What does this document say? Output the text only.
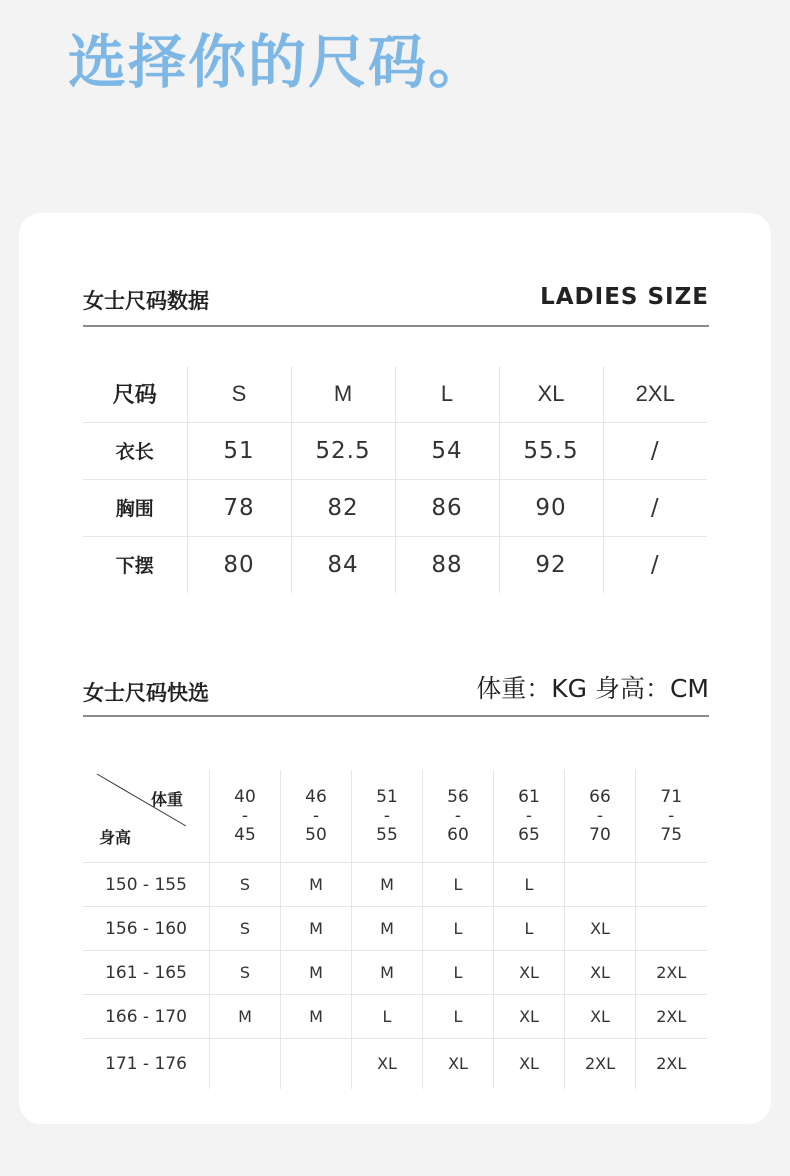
选择你的尺码。
女士尺码数据	LADIES SIZE
尺码	S	M	L	XL	2XL
衣长	51	52.5	54	55.5	/
胸围	78	82	86	90	/
下摆	80	84	88	92	/
女士尺码快选	体重：KG 身高：CM
体重
身高	40
-
45	46
-
50	51
-
55	56
-
60	61
-
65	66
-
70	71
-
75

150 - 155	S	M	M	L	L		
156 - 160	S	M	M	L	L	XL	
161 - 165	S	M	M	L	XL	XL	2XL
166 - 170	M	M	L	L	XL	XL	2XL
171 - 176			XL	XL	XL	2XL	2XL
